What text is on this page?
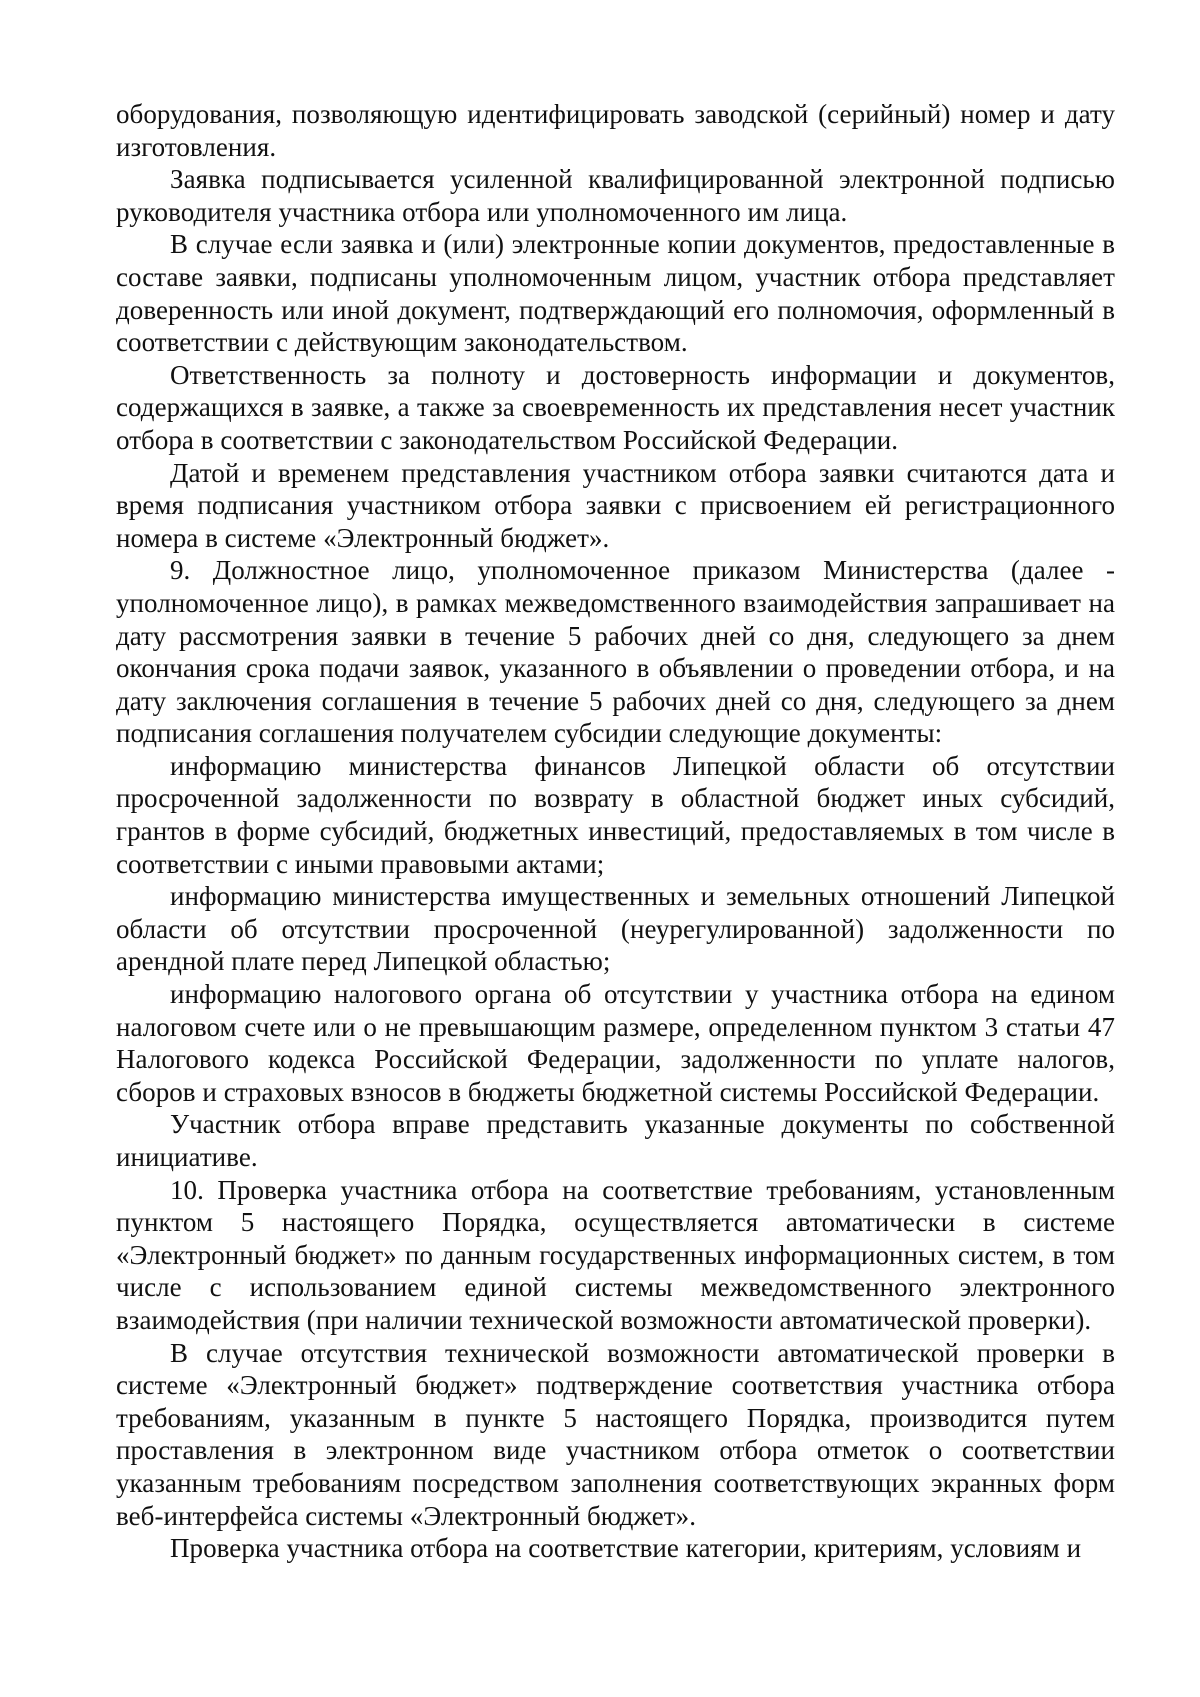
оборудования, позволяющую идентифицировать заводской (серийный) номер и дату изготовления.

Заявка подписывается усиленной квалифицированной электронной подписью руководителя участника отбора или уполномоченного им лица.

В случае если заявка и (или) электронные копии документов, предоставленные в составе заявки, подписаны уполномоченным лицом, участник отбора представляет доверенность или иной документ, подтверждающий его полномочия, оформленный в соответствии с действующим законодательством.

Ответственность за полноту и достоверность информации и документов, содержащихся в заявке, а также за своевременность их представления несет участник отбора в соответствии с законодательством Российской Федерации.

Датой и временем представления участником отбора заявки считаются дата и время подписания участником отбора заявки с присвоением ей регистрационного номера в системе «Электронный бюджет».

9. Должностное лицо, уполномоченное приказом Министерства (далее - уполномоченное лицо), в рамках межведомственного взаимодействия запрашивает на дату рассмотрения заявки в течение 5 рабочих дней со дня, следующего за днем окончания срока подачи заявок, указанного в объявлении о проведении отбора, и на дату заключения соглашения в течение 5 рабочих дней со дня, следующего за днем подписания соглашения получателем субсидии следующие документы:

информацию министерства финансов Липецкой области об отсутствии просроченной задолженности по возврату в областной бюджет иных субсидий, грантов в форме субсидий, бюджетных инвестиций, предоставляемых в том числе в соответствии с иными правовыми актами;

информацию министерства имущественных и земельных отношений Липецкой области об отсутствии просроченной (неурегулированной) задолженности по арендной плате перед Липецкой областью;

информацию налогового органа об отсутствии у участника отбора на едином налоговом счете или о не превышающим размере, определенном пунктом 3 статьи 47 Налогового кодекса Российской Федерации, задолженности по уплате налогов, сборов и страховых взносов в бюджеты бюджетной системы Российской Федерации.

Участник отбора вправе представить указанные документы по собственной инициативе.

10. Проверка участника отбора на соответствие требованиям, установленным пунктом 5 настоящего Порядка, осуществляется автоматически в системе «Электронный бюджет» по данным государственных информационных систем, в том числе с использованием единой системы межведомственного электронного взаимодействия (при наличии технической возможности автоматической проверки).

В случае отсутствия технической возможности автоматической проверки в системе «Электронный бюджет» подтверждение соответствия участника отбора требованиям, указанным в пункте 5 настоящего Порядка, производится путем проставления в электронном виде участником отбора отметок о соответствии указанным требованиям посредством заполнения соответствующих экранных форм веб-интерфейса системы «Электронный бюджет».

Проверка участника отбора на соответствие категории, критериям, условиям и
